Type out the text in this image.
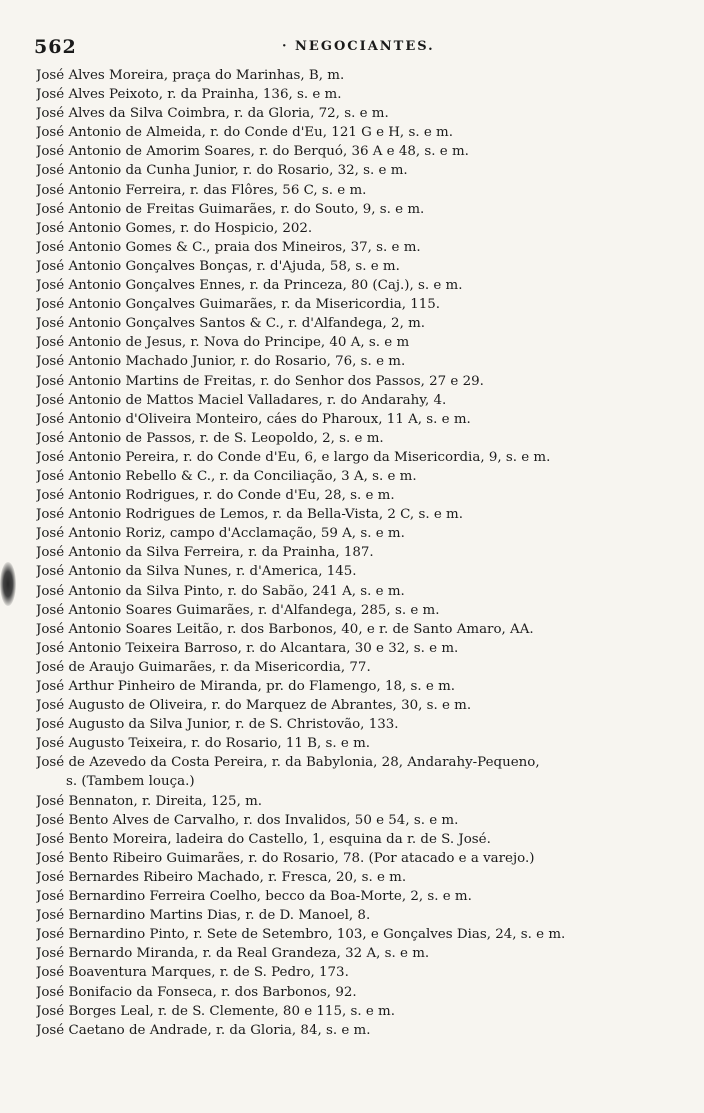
562	· NEGOCIANTES.
José Alves Moreira, praça do Marinhas, B, m.
José Alves Peixoto, r. da Prainha, 136, s. e m.
José Alves da Silva Coimbra, r. da Gloria, 72, s. e m.
José Antonio de Almeida, r. do Conde d'Eu, 121 G e H, s. e m.
José Antonio de Amorim Soares, r. do Berquó, 36 A e 48, s. e m.
José Antonio da Cunha Junior, r. do Rosario, 32, s. e m.
José Antonio Ferreira, r. das Flôres, 56 C, s. e m.
José Antonio de Freitas Guimarães, r. do Souto, 9, s. e m.
José Antonio Gomes, r. do Hospicio, 202.
José Antonio Gomes & C., praia dos Mineiros, 37, s. e m.
José Antonio Gonçalves Bonças, r. d'Ajuda, 58, s. e m.
José Antonio Gonçalves Ennes, r. da Princeza, 80 (Caj.), s. e m.
José Antonio Gonçalves Guimarães, r. da Misericordia, 115.
José Antonio Gonçalves Santos & C., r. d'Alfandega, 2, m.
José Antonio de Jesus, r. Nova do Principe, 40 A, s. e m
José Antonio Machado Junior, r. do Rosario, 76, s. e m.
José Antonio Martins de Freitas, r. do Senhor dos Passos, 27 e 29.
José Antonio de Mattos Maciel Valladares, r. do Andarahy, 4.
José Antonio d'Oliveira Monteiro, cáes do Pharoux, 11 A, s. e m.
José Antonio de Passos, r. de S. Leopoldo, 2, s. e m.
José Antonio Pereira, r. do Conde d'Eu, 6, e largo da Misericordia, 9, s. e m.
José Antonio Rebello & C., r. da Conciliação, 3 A, s. e m.
José Antonio Rodrigues, r. do Conde d'Eu, 28, s. e m.
José Antonio Rodrigues de Lemos, r. da Bella-Vista, 2 C, s. e m.
José Antonio Roriz, campo d'Acclamação, 59 A, s. e m.
José Antonio da Silva Ferreira, r. da Prainha, 187.
José Antonio da Silva Nunes, r. d'America, 145.
José Antonio da Silva Pinto, r. do Sabão, 241 A, s. e m.
José Antonio Soares Guimarães, r. d'Alfandega, 285, s. e m.
José Antonio Soares Leitão, r. dos Barbonos, 40, e r. de Santo Amaro, AA.
José Antonio Teixeira Barroso, r. do Alcantara, 30 e 32, s. e m.
José de Araujo Guimarães, r. da Misericordia, 77.
José Arthur Pinheiro de Miranda, pr. do Flamengo, 18, s. e m.
José Augusto de Oliveira, r. do Marquez de Abrantes, 30, s. e m.
José Augusto da Silva Junior, r. de S. Christovão, 133.
José Augusto Teixeira, r. do Rosario, 11 B, s. e m.
José de Azevedo da Costa Pereira, r. da Babylonia, 28, Andarahy-Pequeno,
s. (Tambem louça.)
José Bennaton, r. Direita, 125, m.
José Bento Alves de Carvalho, r. dos Invalidos, 50 e 54, s. e m.
José Bento Moreira, ladeira do Castello, 1, esquina da r. de S. José.
José Bento Ribeiro Guimarães, r. do Rosario, 78. (Por atacado e a varejo.)
José Bernardes Ribeiro Machado, r. Fresca, 20, s. e m.
José Bernardino Ferreira Coelho, becco da Boa-Morte, 2, s. e m.
José Bernardino Martins Dias, r. de D. Manoel, 8.
José Bernardino Pinto, r. Sete de Setembro, 103, e Gonçalves Dias, 24, s. e m.
José Bernardo Miranda, r. da Real Grandeza, 32 A, s. e m.
José Boaventura Marques, r. de S. Pedro, 173.
José Bonifacio da Fonseca, r. dos Barbonos, 92.
José Borges Leal, r. de S. Clemente, 80 e 115, s. e m.
José Caetano de Andrade, r. da Gloria, 84, s. e m.
